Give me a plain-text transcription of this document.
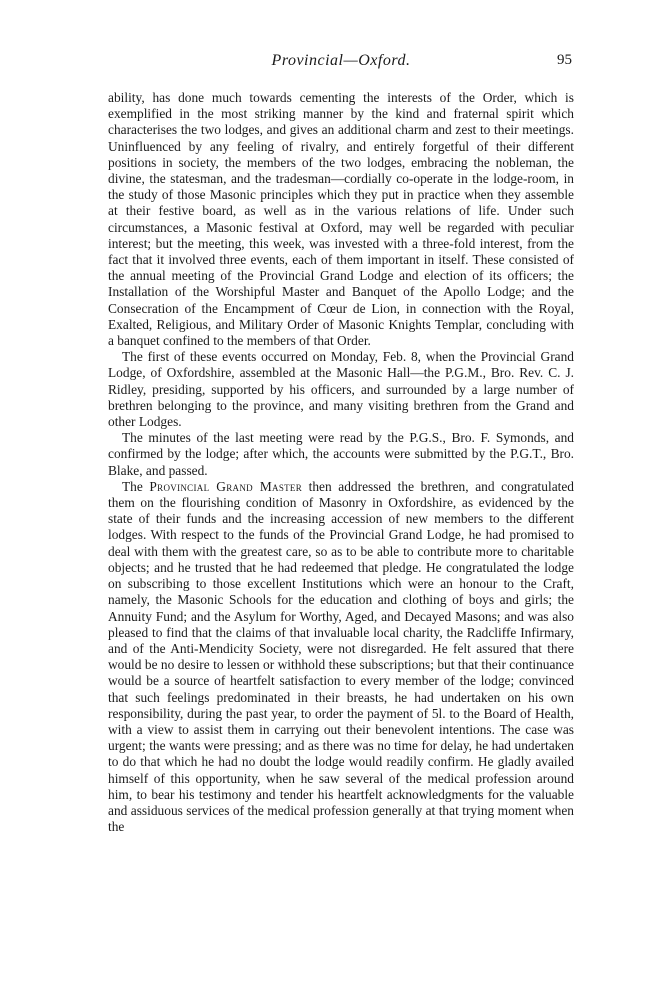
Provincial—Oxford.	95

ability, has done much towards cementing the interests of the Order, which is exemplified in the most striking manner by the kind and fraternal spirit which characterises the two lodges, and gives an additional charm and zest to their meetings. Uninfluenced by any feeling of rivalry, and entirely forgetful of their different positions in society, the members of the two lodges, embracing the nobleman, the divine, the statesman, and the tradesman—cordially co-operate in the lodge-room, in the study of those Masonic principles which they put in practice when they assemble at their festive board, as well as in the various relations of life. Under such circumstances, a Masonic festival at Oxford, may well be regarded with peculiar interest; but the meeting, this week, was invested with a three-fold interest, from the fact that it involved three events, each of them important in itself. These consisted of the annual meeting of the Provincial Grand Lodge and election of its officers; the Installation of the Worshipful Master and Banquet of the Apollo Lodge; and the Consecration of the Encampment of Cœur de Lion, in connection with the Royal, Exalted, Religious, and Military Order of Masonic Knights Templar, concluding with a banquet confined to the members of that Order.

The first of these events occurred on Monday, Feb. 8, when the Provincial Grand Lodge, of Oxfordshire, assembled at the Masonic Hall—the P.G.M., Bro. Rev. C. J. Ridley, presiding, supported by his officers, and surrounded by a large number of brethren belonging to the province, and many visiting brethren from the Grand and other Lodges.

The minutes of the last meeting were read by the P.G.S., Bro. F. Symonds, and confirmed by the lodge; after which, the accounts were submitted by the P.G.T., Bro. Blake, and passed.

The Provincial Grand Master then addressed the brethren, and congratulated them on the flourishing condition of Masonry in Oxfordshire, as evidenced by the state of their funds and the increasing accession of new members to the different lodges. With respect to the funds of the Provincial Grand Lodge, he had promised to deal with them with the greatest care, so as to be able to contribute more to charitable objects; and he trusted that he had redeemed that pledge. He congratulated the lodge on subscribing to those excellent Institutions which were an honour to the Craft, namely, the Masonic Schools for the education and clothing of boys and girls; the Annuity Fund; and the Asylum for Worthy, Aged, and Decayed Masons; and was also pleased to find that the claims of that invaluable local charity, the Radcliffe Infirmary, and of the Anti-Mendicity Society, were not disregarded. He felt assured that there would be no desire to lessen or withhold these subscriptions; but that their continuance would be a source of heartfelt satisfaction to every member of the lodge; convinced that such feelings predominated in their breasts, he had undertaken on his own responsibility, during the past year, to order the payment of 5l. to the Board of Health, with a view to assist them in carrying out their benevolent intentions. The case was urgent; the wants were pressing; and as there was no time for delay, he had undertaken to do that which he had no doubt the lodge would readily confirm. He gladly availed himself of this opportunity, when he saw several of the medical profession around him, to bear his testimony and tender his heartfelt acknowledgments for the valuable and assiduous services of the medical profession generally at that trying moment when the
